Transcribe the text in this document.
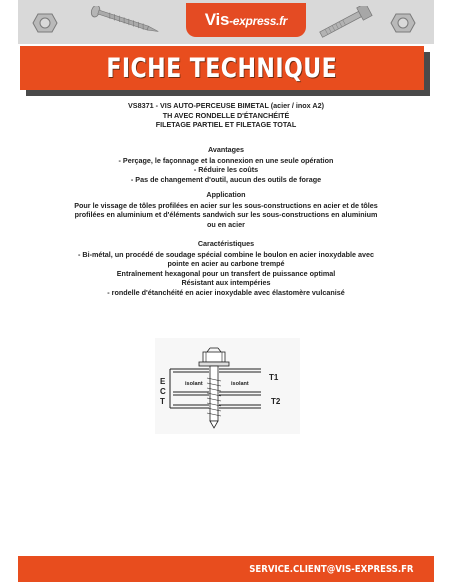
Vis-express.fr
FICHE TECHNIQUE

VS8371 - VIS AUTO-PERCEUSE BIMETAL (acier / inox A2)

TH AVEC RONDELLE D'ÉTANCHÉITÉ

FILETAGE PARTIEL ET FILETAGE TOTAL

Avantages

- Perçage, le façonnage et la connexion en une seule opération

- Réduire les coûts

- Pas de changement d'outil, aucun des outils de forage

Application

Pour le vissage de tôles profilées en acier sur les sous-constructions en acier et de tôles

profilées en aluminium et d'éléments sandwich sur les sous-constructions en aluminium

ou en acier

Caractéristiques

- Bi-métal, un procédé de soudage spécial combine le boulon en acier inoxydable avec

pointe en acier au carbone trempé

Entraînement hexagonal pour un transfert de puissance optimal

Résistant aux intempéries

- rondelle d'étanchéité en acier inoxydable avec élastomère vulcanisé

E
C
T
isolant	isolant
T1
T2
SERVICE.CLIENT@VIS-EXPRESS.FR
